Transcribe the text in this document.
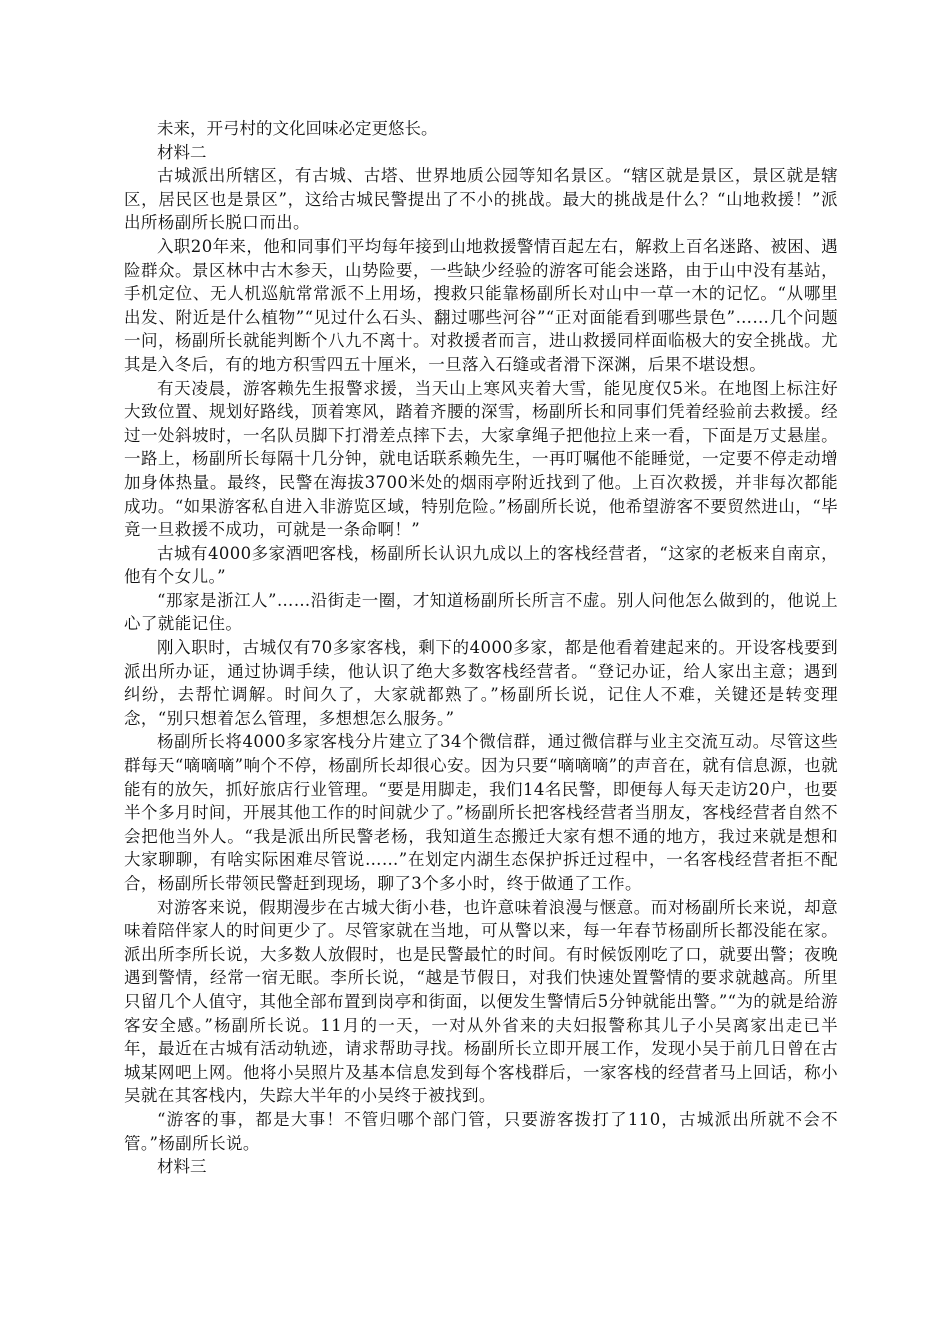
未来，开弓村的文化回味必定更悠长。

材料二

古城派出所辖区，有古城、古塔、世界地质公园等知名景区。“辖区就是景区，景区就是辖区，居民区也是景区”，这给古城民警提出了不小的挑战。最大的挑战是什么？“山地救援！”派出所杨副所长脱口而出。

入职20年来，他和同事们平均每年接到山地救援警情百起左右，解救上百名迷路、被困、遇险群众。景区林中古木参天，山势险要，一些缺少经验的游客可能会迷路，由于山中没有基站，手机定位、无人机巡航常常派不上用场，搜救只能靠杨副所长对山中一草一木的记忆。“从哪里出发、附近是什么植物”“见过什么石头、翻过哪些河谷”“正对面能看到哪些景色”……几个问题一问，杨副所长就能判断个八九不离十。对救援者而言，进山救援同样面临极大的安全挑战。尤其是入冬后，有的地方积雪四五十厘米，一旦落入石缝或者滑下深渊，后果不堪设想。

有天凌晨，游客赖先生报警求援，当天山上寒风夹着大雪，能见度仅5米。在地图上标注好大致位置、规划好路线，顶着寒风，踏着齐腰的深雪，杨副所长和同事们凭着经验前去救援。经过一处斜坡时，一名队员脚下打滑差点摔下去，大家拿绳子把他拉上来一看，下面是万丈悬崖。一路上，杨副所长每隔十几分钟，就电话联系赖先生，一再叮嘱他不能睡觉，一定要不停走动增加身体热量。最终，民警在海拔3700米处的烟雨亭附近找到了他。上百次救援，并非每次都能成功。“如果游客私自进入非游览区域，特别危险。”杨副所长说，他希望游客不要贸然进山，“毕竟一旦救援不成功，可就是一条命啊！”

古城有4000多家酒吧客栈，杨副所长认识九成以上的客栈经营者，“这家的老板来自南京，他有个女儿。”

“那家是浙江人”……沿街走一圈，才知道杨副所长所言不虚。别人问他怎么做到的，他说上心了就能记住。

刚入职时，古城仅有70多家客栈，剩下的4000多家，都是他看着建起来的。开设客栈要到派出所办证，通过协调手续，他认识了绝大多数客栈经营者。“登记办证，给人家出主意；遇到纠纷，去帮忙调解。时间久了，大家就都熟了。”杨副所长说，记住人不难，关键还是转变理念，“别只想着怎么管理，多想想怎么服务。”

杨副所长将4000多家客栈分片建立了34个微信群，通过微信群与业主交流互动。尽管这些群每天“嘀嘀嘀”响个不停，杨副所长却很心安。因为只要“嘀嘀嘀”的声音在，就有信息源，也就能有的放矢，抓好旅店行业管理。“要是用脚走，我们14名民警，即便每人每天走访20户，也要半个多月时间，开展其他工作的时间就少了。”杨副所长把客栈经营者当朋友，客栈经营者自然不会把他当外人。“我是派出所民警老杨，我知道生态搬迁大家有想不通的地方，我过来就是想和大家聊聊，有啥实际困难尽管说……”在划定内湖生态保护拆迁过程中，一名客栈经营者拒不配合，杨副所长带领民警赶到现场，聊了3个多小时，终于做通了工作。

对游客来说，假期漫步在古城大街小巷，也许意味着浪漫与惬意。而对杨副所长来说，却意味着陪伴家人的时间更少了。尽管家就在当地，可从警以来，每一年春节杨副所长都没能在家。派出所李所长说，大多数人放假时，也是民警最忙的时间。有时候饭刚吃了口，就要出警；夜晚遇到警情，经常一宿无眠。李所长说，“越是节假日，对我们快速处置警情的要求就越高。所里只留几个人值守，其他全部布置到岗亭和街面，以便发生警情后5分钟就能出警。”“为的就是给游客安全感。”杨副所长说。11月的一天，一对从外省来的夫妇报警称其儿子小吴离家出走已半年，最近在古城有活动轨迹，请求帮助寻找。杨副所长立即开展工作，发现小吴于前几日曾在古城某网吧上网。他将小吴照片及基本信息发到每个客栈群后，一家客栈的经营者马上回话，称小吴就在其客栈内，失踪大半年的小吴终于被找到。

“游客的事，都是大事！不管归哪个部门管，只要游客拨打了110，古城派出所就不会不管。”杨副所长说。

材料三
